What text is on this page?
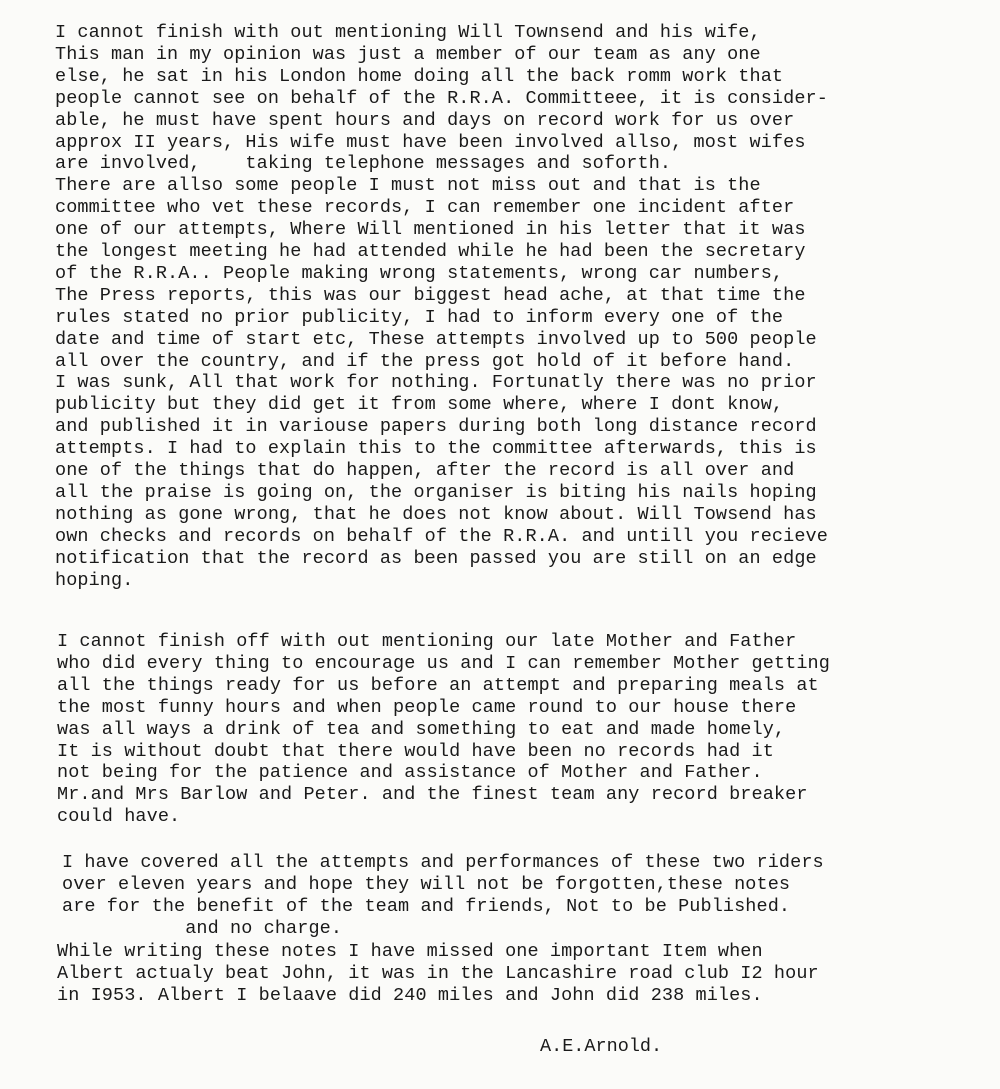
I cannot finish with out mentioning Will Townsend and his wife,
This man in my opinion was just a member of our team as any one
else, he sat in his London home doing all the back romm work that
people cannot see on behalf of the R.R.A. Committeee, it is consider-
able, he must have spent hours and days on record work for us over
approx II years, His wife must have been involved allso, most wifes
are involved,    taking telephone messages and soforth.
There are allso some people I must not miss out and that is the
committee who vet these records, I can remember one incident after
one of our attempts, Where Will mentioned in his letter that it was
the longest meeting he had attended while he had been the secretary
of the R.R.A.. People making wrong statements, wrong car numbers,
The Press reports, this was our biggest head ache, at that time the
rules stated no prior publicity, I had to inform every one of the
date and time of start etc, These attempts involved up to 500 people
all over the country, and if the press got hold of it before hand.
I was sunk, All that work for nothing. Fortunatly there was no prior
publicity but they did get it from some where, where I dont know,
and published it in variouse papers during both long distance record
attempts. I had to explain this to the committee afterwards, this is
one of the things that do happen, after the record is all over and
all the praise is going on, the organiser is biting his nails hoping
nothing as gone wrong, that he does not know about. Will Towsend has
own checks and records on behalf of the R.R.A. and untill you recieve
notification that the record as been passed you are still on an edge
hoping.
I cannot finish off with out mentioning our late Mother and Father
who did every thing to encourage us and I can remember Mother getting
all the things ready for us before an attempt and preparing meals at
the most funny hours and when people came round to our house there
was all ways a drink of tea and something to eat and made homely,
It is without doubt that there would have been no records had it
not being for the patience and assistance of Mother and Father.
Mr.and Mrs Barlow and Peter. and the finest team any record breaker
could have.
I have covered all the attempts and performances of these two riders
over eleven years and hope they will not be forgotten,these notes
are for the benefit of the team and friends, Not to be Published.
and no charge.
While writing these notes I have missed one important Item when
Albert actualy beat John, it was in the Lancashire road club I2 hour
in I953. Albert I belaave did 240 miles and John did 238 miles.
A.E.Arnold.
